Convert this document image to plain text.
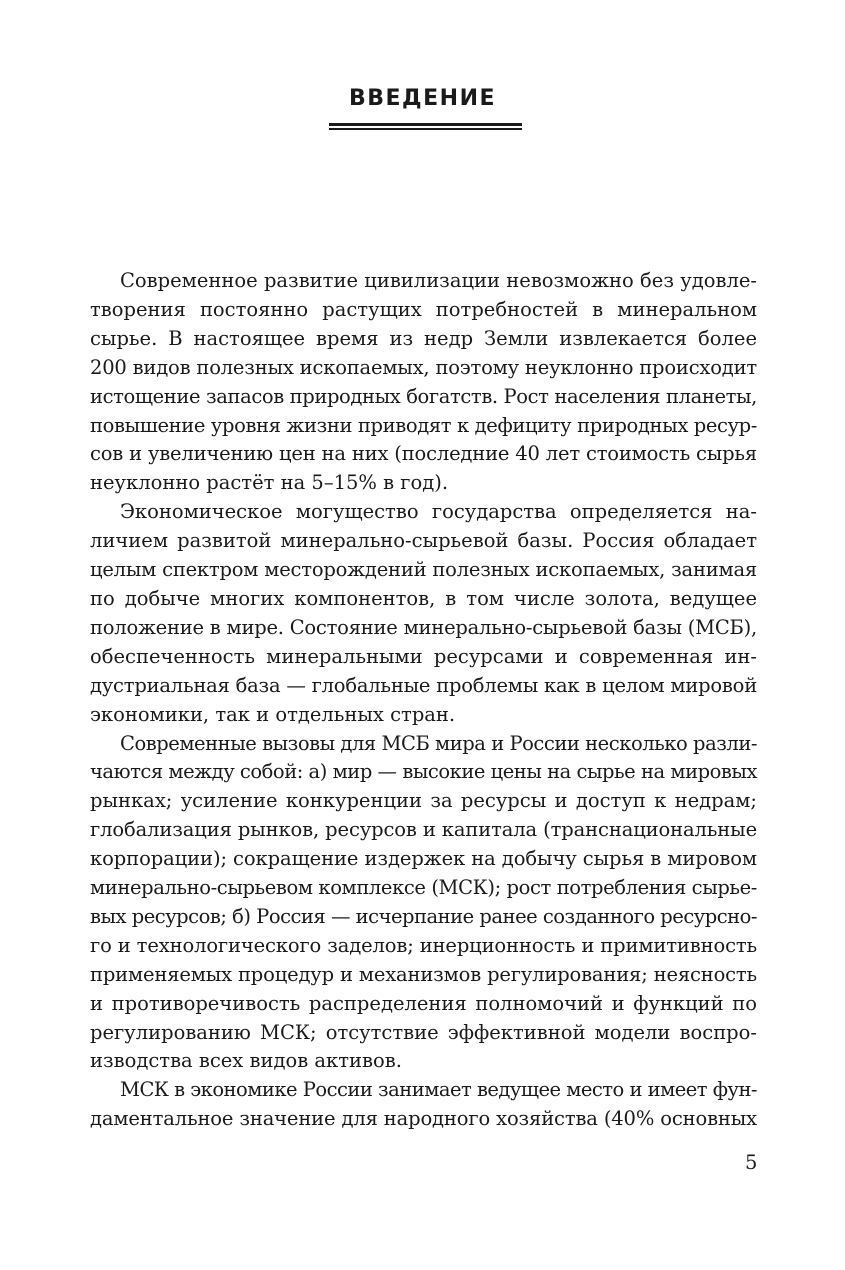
ВВЕДЕНИЕ
Современное развитие цивилизации невозможно без удовле-
творения постоянно растущих потребностей в минеральном
сырье. В настоящее время из недр Земли извлекается более
200 видов полезных ископаемых, поэтому неуклонно происходит
истощение запасов природных богатств. Рост населения планеты,
повышение уровня жизни приводят к дефициту природных ресур-
сов и увеличению цен на них (последние 40 лет стоимость сырья
неуклонно растёт на 5–15% в год).
Экономическое могущество государства определяется на-
личием развитой минерально-сырьевой базы. Россия обладает
целым спектром месторождений полезных ископаемых, занимая
по добыче многих компонентов, в том числе золота, ведущее
положение в мире. Состояние минерально-сырьевой базы (МСБ),
обеспеченность минеральными ресурсами и современная ин-
дустриальная база — глобальные проблемы как в целом мировой
экономики, так и отдельных стран.
Современные вызовы для МСБ мира и России несколько разли-
чаются между собой: а) мир — высокие цены на сырье на мировых
рынках; усиление конкуренции за ресурсы и доступ к недрам;
глобализация рынков, ресурсов и капитала (транснациональные
корпорации); сокращение издержек на добычу сырья в мировом
минерально-сырьевом комплексе (МСК); рост потребления сырье-
вых ресурсов; б) Россия — исчерпание ранее созданного ресурсно-
го и технологического заделов; инерционность и примитивность
применяемых процедур и механизмов регулирования; неясность
и противоречивость распределения полномочий и функций по
регулированию МСК; отсутствие эффективной модели воспро-
изводства всех видов активов.
МСК в экономике России занимает ведущее место и имеет фун-
даментальное значение для народного хозяйства (40% основных
5
